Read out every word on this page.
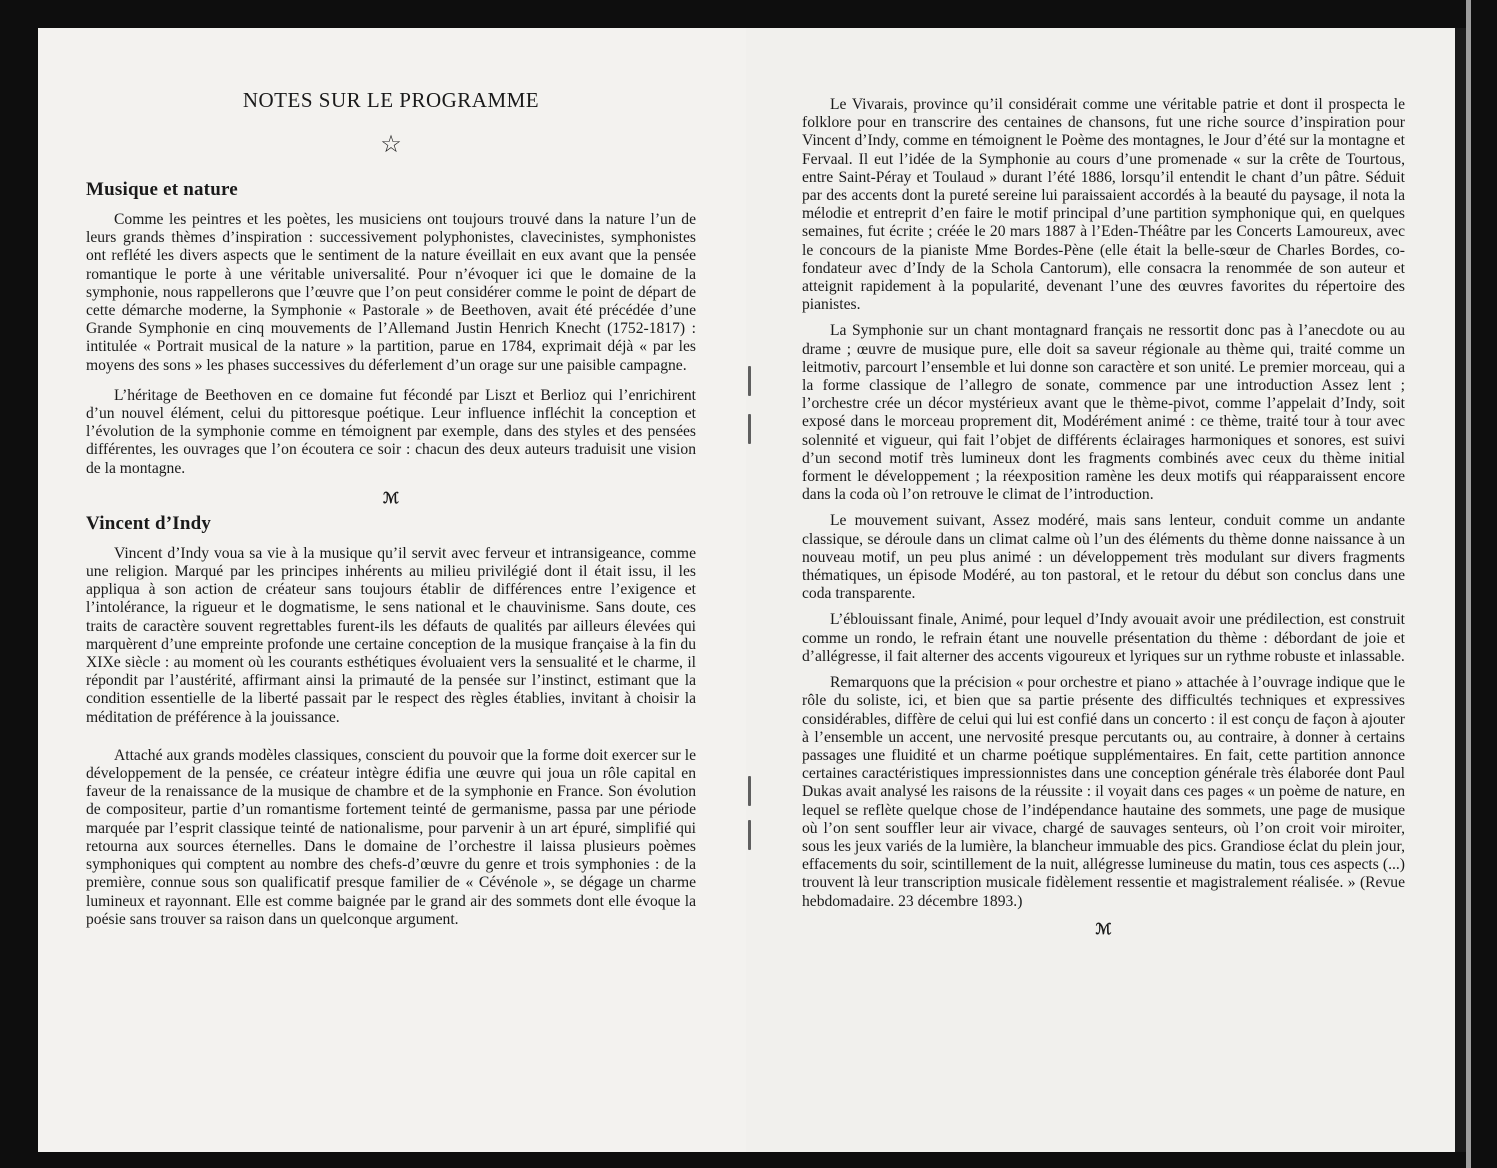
NOTES SUR LE PROGRAMME
☆
Musique et nature

Comme les peintres et les poètes, les musiciens ont toujours trouvé dans la nature l’un de leurs grands thèmes d’inspiration : successivement polyphonistes, clavecinistes, symphonistes ont reflété les divers aspects que le sentiment de la nature éveillait en eux avant que la pensée romantique le porte à une véritable universalité. Pour n’évoquer ici que le domaine de la symphonie, nous rappellerons que l’œuvre que l’on peut considérer comme le point de départ de cette démarche moderne, la Symphonie « Pastorale » de Beethoven, avait été précédée d’une Grande Symphonie en cinq mouvements de l’Allemand Justin Henrich Knecht (1752-1817) : intitulée « Portrait musical de la nature » la partition, parue en 1784, exprimait déjà « par les moyens des sons » les phases successives du déferlement d’un orage sur une paisible campagne.

L’héritage de Beethoven en ce domaine fut fécondé par Liszt et Berlioz qui l’enrichirent d’un nouvel élément, celui du pittoresque poétique. Leur influence infléchit la conception et l’évolution de la symphonie comme en témoignent par exemple, dans des styles et des pensées différentes, les ouvrages que l’on écoutera ce soir : chacun des deux auteurs traduisit une vision de la montagne.

ℳ
Vincent d’Indy

Vincent d’Indy voua sa vie à la musique qu’il servit avec ferveur et intransigeance, comme une religion. Marqué par les principes inhérents au milieu privilégié dont il était issu, il les appliqua à son action de créateur sans toujours établir de différences entre l’exigence et l’intolérance, la rigueur et le dogmatisme, le sens national et le chauvinisme. Sans doute, ces traits de caractère souvent regrettables furent-ils les défauts de qualités par ailleurs élevées qui marquèrent d’une empreinte profonde une certaine conception de la musique française à la fin du XIXe siècle : au moment où les courants esthétiques évoluaient vers la sensualité et le charme, il répondit par l’austérité, affirmant ainsi la primauté de la pensée sur l’instinct, estimant que la condition essentielle de la liberté passait par le respect des règles établies, invitant à choisir la méditation de préférence à la jouissance.

Attaché aux grands modèles classiques, conscient du pouvoir que la forme doit exercer sur le développement de la pensée, ce créateur intègre édifia une œuvre qui joua un rôle capital en faveur de la renaissance de la musique de chambre et de la symphonie en France. Son évolution de compositeur, partie d’un romantisme fortement teinté de germanisme, passa par une période marquée par l’esprit classique teinté de nationalisme, pour parvenir à un art épuré, simplifié qui retourna aux sources éternelles. Dans le domaine de l’orchestre il laissa plusieurs poèmes symphoniques qui comptent au nombre des chefs-d’œuvre du genre et trois symphonies : de la première, connue sous son qualificatif presque familier de « Cévénole », se dégage un charme lumineux et rayonnant. Elle est comme baignée par le grand air des sommets dont elle évoque la poésie sans trouver sa raison dans un quelconque argument.

Le Vivarais, province qu’il considérait comme une véritable patrie et dont il prospecta le folklore pour en transcrire des centaines de chansons, fut une riche source d’inspiration pour Vincent d’Indy, comme en témoignent le Poème des montagnes, le Jour d’été sur la montagne et Fervaal. Il eut l’idée de la Symphonie au cours d’une promenade « sur la crête de Tourtous, entre Saint-Péray et Toulaud » durant l’été 1886, lorsqu’il entendit le chant d’un pâtre. Séduit par des accents dont la pureté sereine lui paraissaient accordés à la beauté du paysage, il nota la mélodie et entreprit d’en faire le motif principal d’une partition symphonique qui, en quelques semaines, fut écrite ; créée le 20 mars 1887 à l’Eden-Théâtre par les Concerts Lamoureux, avec le concours de la pianiste Mme Bordes-Pène (elle était la belle-sœur de Charles Bordes, co-fondateur avec d’Indy de la Schola Cantorum), elle consacra la renommée de son auteur et atteignit rapidement à la popularité, devenant l’une des œuvres favorites du répertoire des pianistes.

La Symphonie sur un chant montagnard français ne ressortit donc pas à l’anecdote ou au drame ; œuvre de musique pure, elle doit sa saveur régionale au thème qui, traité comme un leitmotiv, parcourt l’ensemble et lui donne son caractère et son unité. Le premier morceau, qui a la forme classique de l’allegro de sonate, commence par une introduction Assez lent ; l’orchestre crée un décor mystérieux avant que le thème-pivot, comme l’appelait d’Indy, soit exposé dans le morceau proprement dit, Modérément animé : ce thème, traité tour à tour avec solennité et vigueur, qui fait l’objet de différents éclairages harmoniques et sonores, est suivi d’un second motif très lumineux dont les fragments combinés avec ceux du thème initial forment le développement ; la réexposition ramène les deux motifs qui réapparaissent encore dans la coda où l’on retrouve le climat de l’introduction.

Le mouvement suivant, Assez modéré, mais sans lenteur, conduit comme un andante classique, se déroule dans un climat calme où l’un des éléments du thème donne naissance à un nouveau motif, un peu plus animé : un développement très modulant sur divers fragments thématiques, un épisode Modéré, au ton pastoral, et le retour du début son conclus dans une coda transparente.

L’éblouissant finale, Animé, pour lequel d’Indy avouait avoir une prédilection, est construit comme un rondo, le refrain étant une nouvelle présentation du thème : débordant de joie et d’allégresse, il fait alterner des accents vigoureux et lyriques sur un rythme robuste et inlassable.

Remarquons que la précision « pour orchestre et piano » attachée à l’ouvrage indique que le rôle du soliste, ici, et bien que sa partie présente des difficultés techniques et expressives considérables, diffère de celui qui lui est confié dans un concerto : il est conçu de façon à ajouter à l’ensemble un accent, une nervosité presque percutants ou, au contraire, à donner à certains passages une fluidité et un charme poétique supplémentaires. En fait, cette partition annonce certaines caractéristiques impressionnistes dans une conception générale très élaborée dont Paul Dukas avait analysé les raisons de la réussite : il voyait dans ces pages « un poème de nature, en lequel se reflète quelque chose de l’indépendance hautaine des sommets, une page de musique où l’on sent souffler leur air vivace, chargé de sauvages senteurs, où l’on croit voir miroiter, sous les jeux variés de la lumière, la blancheur immuable des pics. Grandiose éclat du plein jour, effacements du soir, scintillement de la nuit, allégresse lumineuse du matin, tous ces aspects (...) trouvent là leur transcription musicale fidèlement ressentie et magistralement réalisée. » (Revue hebdomadaire. 23 décembre 1893.)

ℳ
